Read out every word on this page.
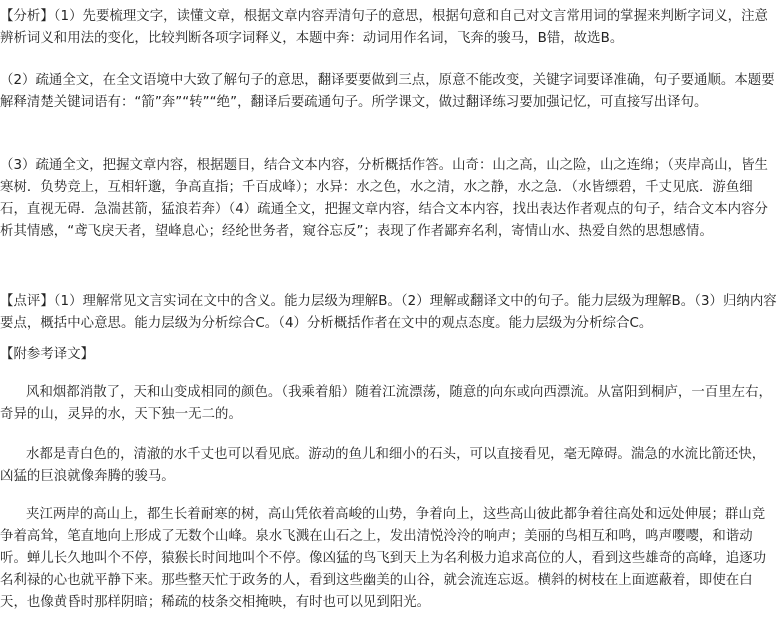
【分析】（1）先要梳理文字，读懂文章，根据文章内容弄清句子的意思，根据句意和自己对文言常用词的掌握来判断字词义，注意辨析词义和用法的变化，比较判断各项字词释义，本题中奔：动词用作名词，飞奔的骏马，B错，故选B。

（2）疏通全文，在全文语境中大致了解句子的意思，翻译要要做到三点，原意不能改变，关键字词要译准确，句子要通顺。本题要解释清楚关键词语有：“箭”奔”“转”“绝”，翻译后要疏通句子。所学课文，做过翻译练习要加强记忆，可直接写出译句。

（3）疏通全文，把握文章内容，根据题目，结合文本内容，分析概括作答。山奇：山之高，山之险，山之连绵；（夹岸高山，皆生寒树．负势竞上，互相轩邈，争高直指；千百成峰）；水异：水之色，水之清，水之静，水之急．（水皆缥碧，千丈见底．游鱼细石，直视无碍．急湍甚箭，猛浪若奔）（4）疏通全文，把握文章内容，结合文本内容，找出表达作者观点的句子，结合文本内容分析其情感，“鸢飞戾天者，望峰息心；经纶世务者，窥谷忘反”；表现了作者鄙弃名利，寄情山水、热爱自然的思想感情。

【点评】（1）理解常见文言实词在文中的含义。能力层级为理解B。（2）理解或翻译文中的句子。能力层级为理解B。（3）归纳内容要点，概括中心意思。能力层级为分析综合C。（4）分析概括作者在文中的观点态度。能力层级为分析综合C。

【附参考译文】

风和烟都消散了，天和山变成相同的颜色。（我乘着船）随着江流漂荡，随意的向东或向西漂流。从富阳到桐庐，一百里左右，奇异的山，灵异的水，天下独一无二的。

水都是青白色的，清澈的水千丈也可以看见底。游动的鱼儿和细小的石头，可以直接看见，毫无障碍。湍急的水流比箭还快，凶猛的巨浪就像奔腾的骏马。

夹江两岸的高山上，都生长着耐寒的树，高山凭依着高峻的山势，争着向上，这些高山彼此都争着往高处和远处伸展；群山竞争着高耸，笔直地向上形成了无数个山峰。泉水飞溅在山石之上，发出清悦泠泠的响声；美丽的鸟相互和鸣，鸣声嘤嘤，和谐动听。蝉儿长久地叫个不停，猿猴长时间地叫个不停。像凶猛的鸟飞到天上为名利极力追求高位的人，看到这些雄奇的高峰，追逐功名利禄的心也就平静下来。那些整天忙于政务的人，看到这些幽美的山谷，就会流连忘返。横斜的树枝在上面遮蔽着，即使在白天，也像黄昏时那样阴暗；稀疏的枝条交相掩映，有时也可以见到阳光。
